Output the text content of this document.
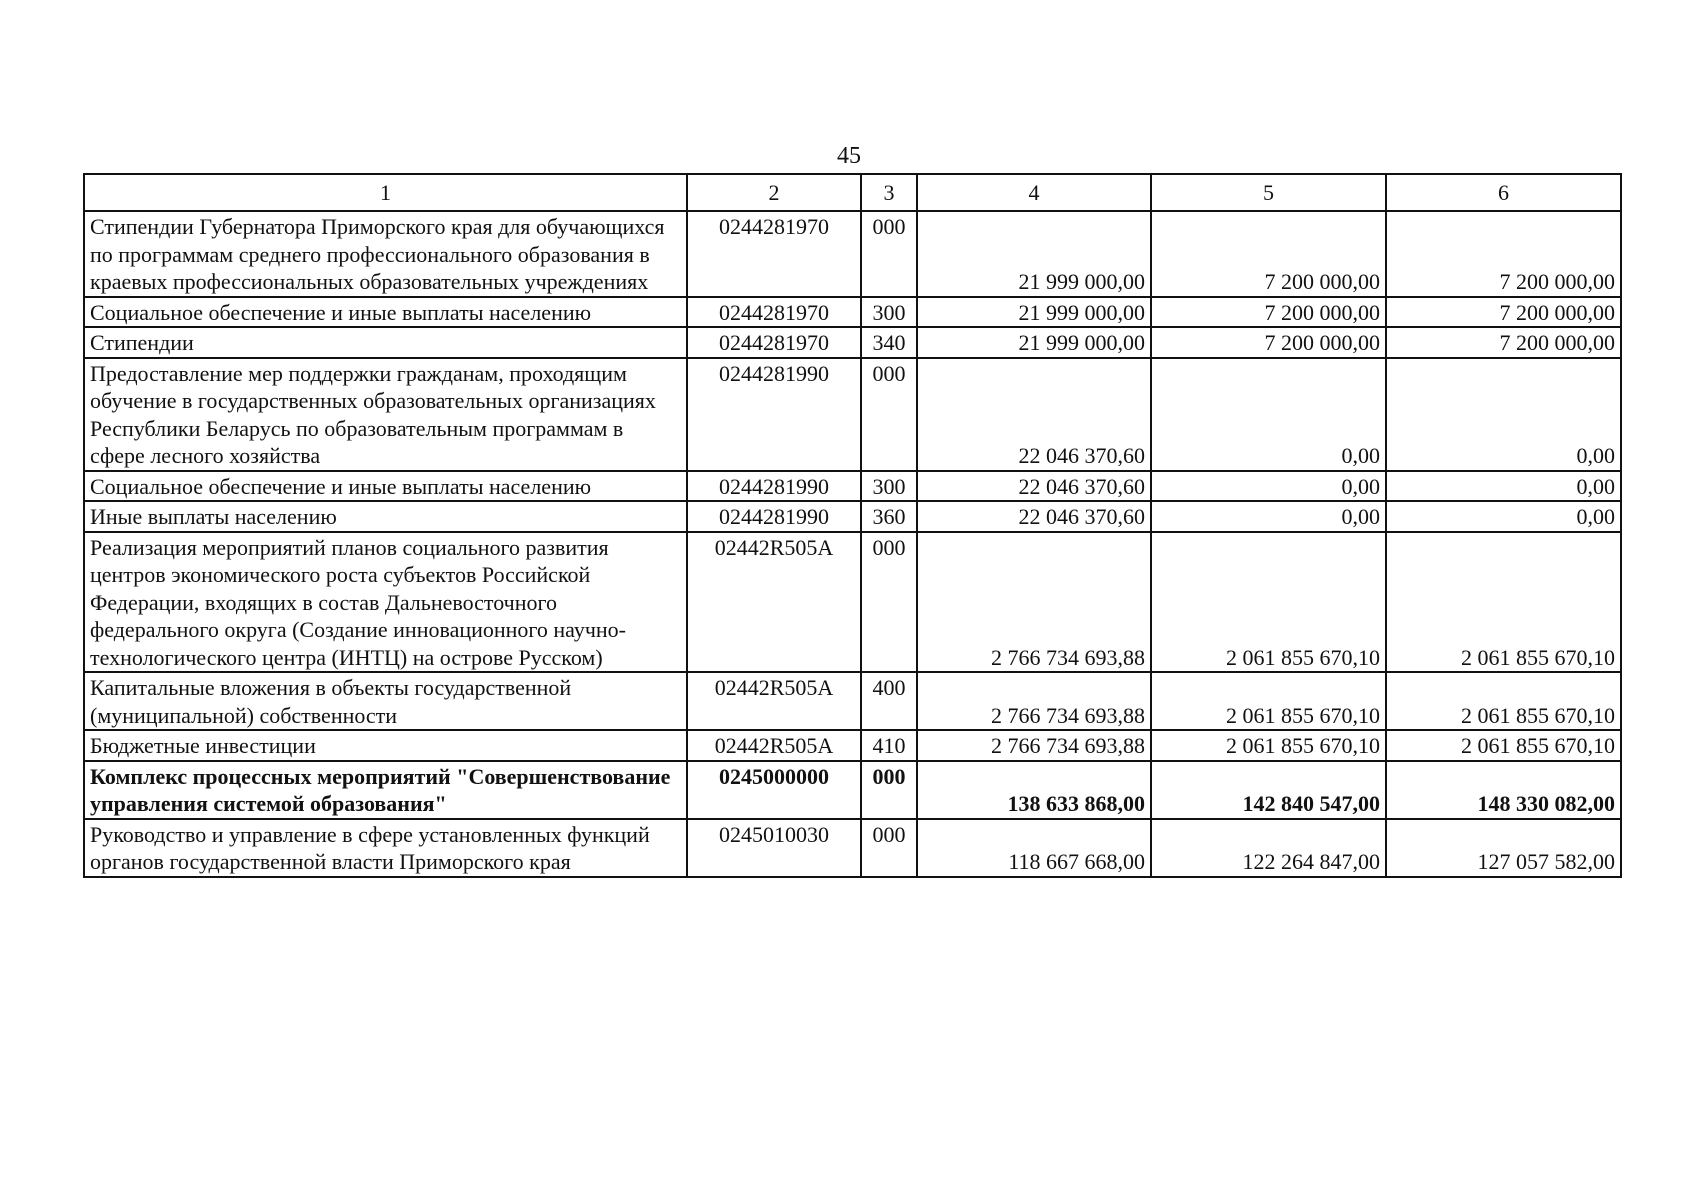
45
1	2	3	4	5	6
Стипендии Губернатора Приморского края для обучающихся по программам среднего профессионального образования в краевых профессиональных образовательных учреждениях	0244281970	000	21 999 000,00	7 200 000,00	7 200 000,00
Социальное обеспечение и иные выплаты населению	0244281970	300	21 999 000,00	7 200 000,00	7 200 000,00
Стипендии	0244281970	340	21 999 000,00	7 200 000,00	7 200 000,00
Предоставление мер поддержки гражданам, проходящим обучение в государственных образовательных организациях Республики Беларусь по образовательным программам в сфере лесного хозяйства	0244281990	000	22 046 370,60	0,00	0,00
Социальное обеспечение и иные выплаты населению	0244281990	300	22 046 370,60	0,00	0,00
Иные выплаты населению	0244281990	360	22 046 370,60	0,00	0,00
Реализация мероприятий планов социального развития центров экономического роста субъектов Российской Федерации, входящих в состав Дальневосточного федерального округа (Создание инновационного научно-технологического центра (ИНТЦ) на острове Русском)	02442R505A	000	2 766 734 693,88	2 061 855 670,10	2 061 855 670,10
Капитальные вложения в объекты государственной (муниципальной) собственности	02442R505A	400	2 766 734 693,88	2 061 855 670,10	2 061 855 670,10
Бюджетные инвестиции	02442R505A	410	2 766 734 693,88	2 061 855 670,10	2 061 855 670,10
Комплекс процессных мероприятий "Совершенствование управления системой образования"	0245000000	000	138 633 868,00	142 840 547,00	148 330 082,00
Руководство и управление в сфере установленных функций органов государственной власти Приморского края	0245010030	000	118 667 668,00	122 264 847,00	127 057 582,00
